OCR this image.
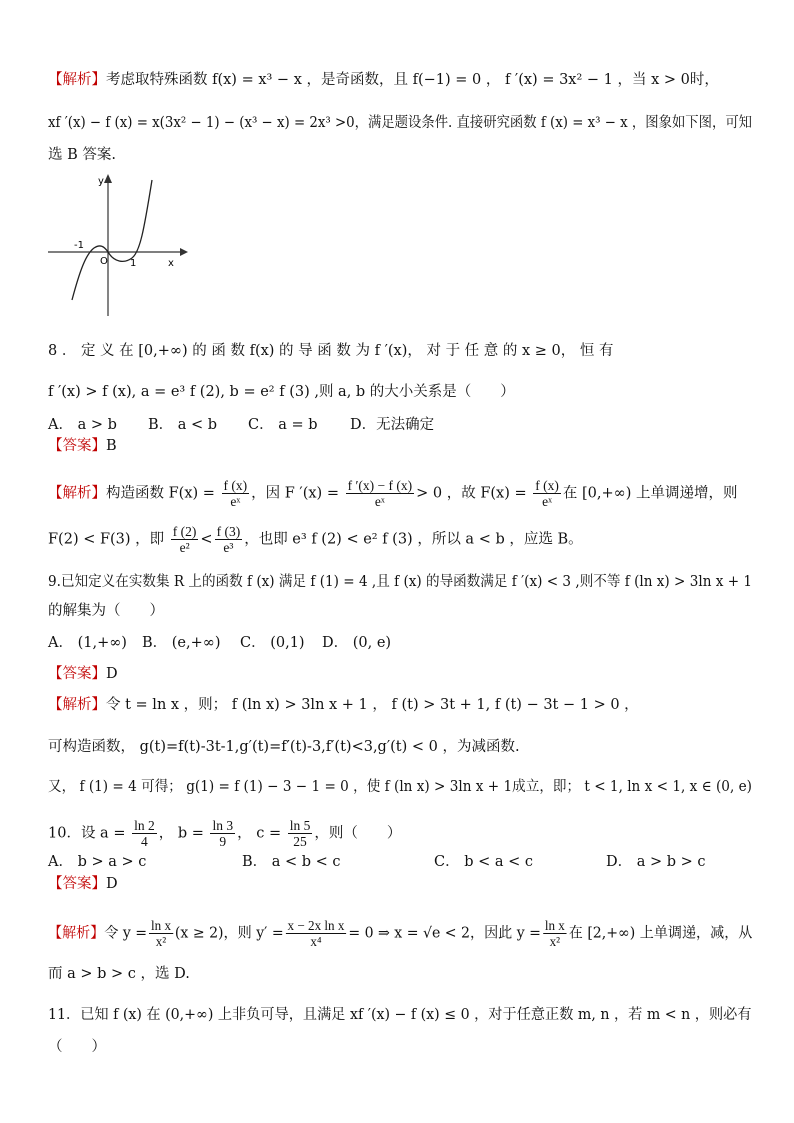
【解析】考虑取特殊函数 f(x) = x³ − x ，是奇函数，且 f(−1) = 0 ， f ′(x) = 3x² − 1 ，当 x > 0时，
xf ′(x) − f (x) = x(3x² − 1) − (x³ − x) = 2x³ >0，满足题设条件. 直接研究函数 f (x) = x³ − x ，图象如下图，可知
选 B 答案.
y
x
-1
O 1
8 ． 定 义 在 [0,+∞) 的 函 数 f(x) 的 导 函 数 为 f ′(x)， 对 于 任 意 的 x ≥ 0， 恒 有
f ′(x) > f (x), a = e³ f (2), b = e² f (3) ,则 a, b 的大小关系是（　　）
A． a > b B． a < b C． a = b D．无法确定
【答案】B
【解析】构造函数 $F(x) = \frac{f (x)}{\text{eˣ}}$ ，因 F $'(x) = \frac{f '(x) - f (x)}{\text{eˣ}} > 0$ ，故 $F(x) = \frac{f (x)}{\text{eˣ}}$ 在 [0,+∞) 上单调递增，则
F(2) < F(3) ，即 $\frac{f (2)}{\text{e²}} < \frac{f (3)}{\text{e³}}$ ，也即 e³ f (2) < e² f (3) ，所以 a < b ，应选 B。
9.已知定义在实数集 R 上的函数 f (x) 满足 f (1) = 4 ,且 f (x) 的导函数满足 f ′(x) < 3 ,则不等 f (ln x) > 3ln x + 1
的解集为（　　）
A． (1,+∞) B． (e,+∞) C． (0,1) D． (0, e)
【答案】D
【解析】令 t = ln x ，则； f (ln x) > 3ln x + 1 ， f (t) > 3t + 1, f (t) − 3t − 1 > 0 ，
可构造函数， g(t)=f(t)-3t-1,g′(t)=f′(t)-3,f′(t)<3,g′(t) < 0 ，为减函数.
又， f (1) = 4 可得； g(1) = f (1) − 3 − 1 = 0 ，使 f (ln x) > 3ln x + 1成立，即； t < 1, ln x < 1, x ∈ (0, e)
10．设 $a = \frac{\ln 2}{4}$ ， $b = \frac{\ln 3}{9}$ ， $c = \frac{\ln 5}{25}$ ，则（　　）
A． b > a > c	B． a < b < c	C． b < a < c	D． a > b > c
【答案】D
【解析】令 $y = \frac{\text{ln x}}{\text{x²}} (x \ge 2)$，则 $y' = \frac{\text{x − 2x ln x}}{\text{x⁴}} = 0$ ⇒ x = √e < 2，因此 $y = \frac{\text{ln x}}{\text{x²}}$ 在 [2,+∞) 上单调递，减，从
而 a > b > c ，选 D.
11．已知 f (x) 在 (0,+∞) 上非负可导，且满足 xf ′(x) − f (x) ≤ 0 ，对于任意正数 m, n ，若 m < n ，则必有
（　　）
